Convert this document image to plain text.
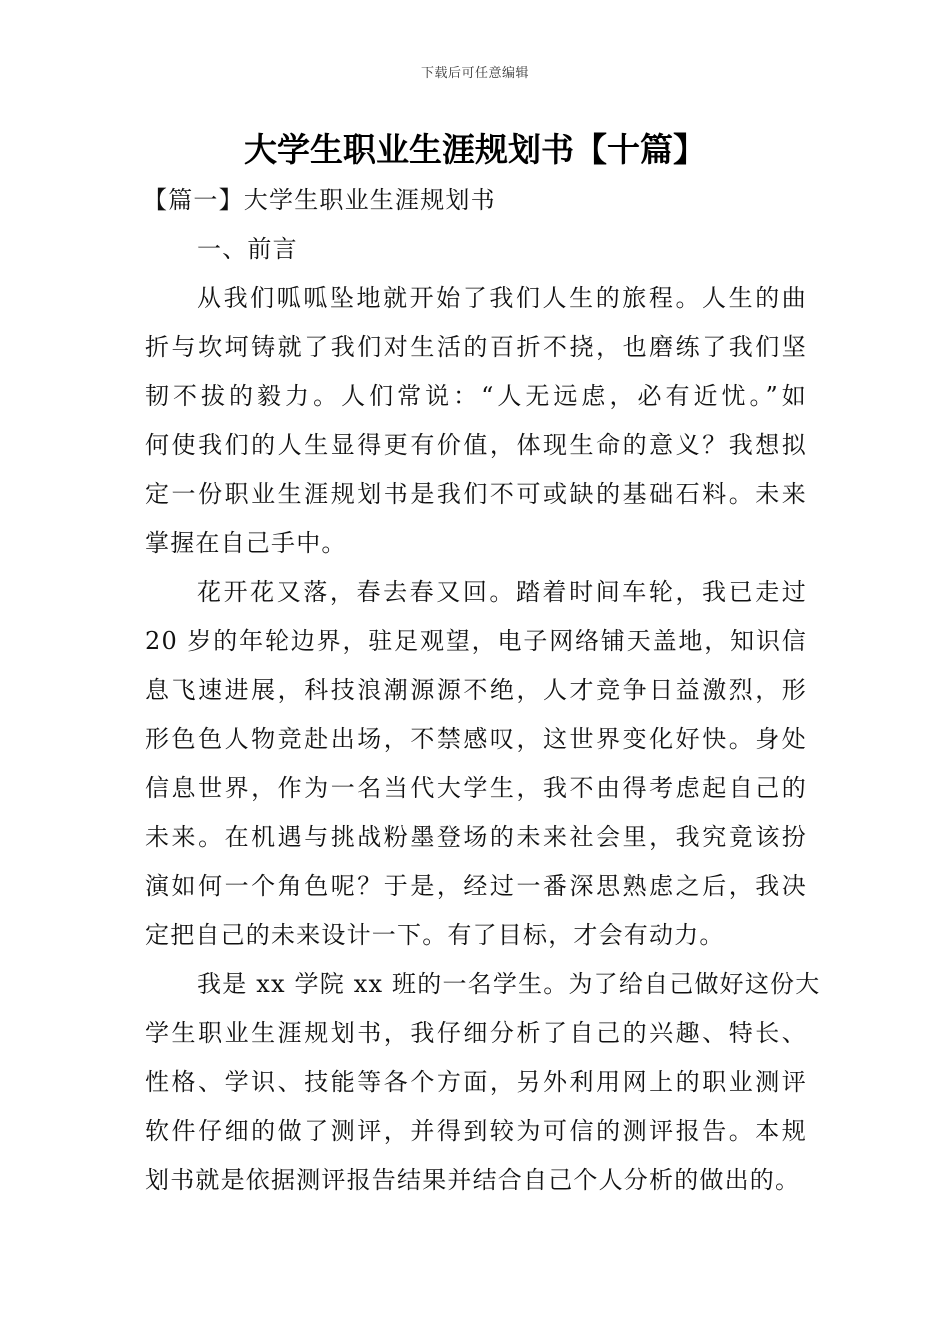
下载后可任意编辑
大学生职业生涯规划书【十篇】
【篇一】大学生职业生涯规划书
一、前言
从我们呱呱坠地就开始了我们人生的旅程。人生的曲
折与坎坷铸就了我们对生活的百折不挠，也磨练了我们坚
韧不拔的毅力。人们常说：“人无远虑，必有近忧。”如
何使我们的人生显得更有价值，体现生命的意义？我想拟
定一份职业生涯规划书是我们不可或缺的基础石料。未来
掌握在自己手中。
花开花又落，春去春又回。踏着时间车轮，我已走过
20 岁的年轮边界，驻足观望，电子网络铺天盖地，知识信
息飞速进展，科技浪潮源源不绝，人才竞争日益激烈，形
形色色人物竞赴出场，不禁感叹，这世界变化好快。身处
信息世界，作为一名当代大学生，我不由得考虑起自己的
未来。在机遇与挑战粉墨登场的未来社会里，我究竟该扮
演如何一个角色呢？于是，经过一番深思熟虑之后，我决
定把自己的未来设计一下。有了目标，才会有动力。
我是 xx 学院 xx 班的一名学生。为了给自己做好这份大
学生职业生涯规划书，我仔细分析了自己的兴趣、特长、
性格、学识、技能等各个方面，另外利用网上的职业测评
软件仔细的做了测评，并得到较为可信的测评报告。本规
划书就是依据测评报告结果并结合自己个人分析的做出的。
